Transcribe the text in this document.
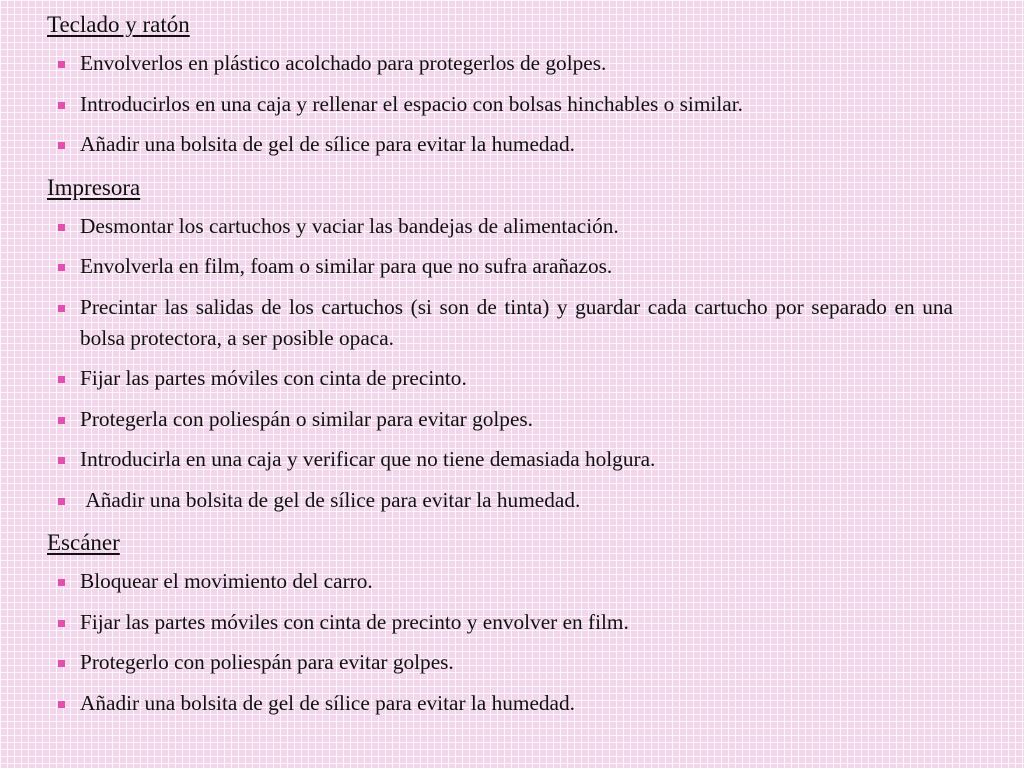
Teclado y ratón
Envolverlos en plástico acolchado para protegerlos de golpes.
Introducirlos en una caja y rellenar el espacio con bolsas hinchables o similar.
Añadir una bolsita de gel de sílice para evitar la humedad.
Impresora
Desmontar los cartuchos y vaciar las bandejas de alimentación.
Envolverla en film, foam o similar para que no sufra arañazos.
Precintar las salidas de los cartuchos (si son de tinta) y guardar cada cartucho por separado en una bolsa protectora, a ser posible opaca.
Fijar las partes móviles con cinta de precinto.
Protegerla con poliespán o similar para evitar golpes.
Introducirla en una caja y verificar que no tiene demasiada holgura.
Añadir una bolsita de gel de sílice para evitar la humedad.
Escáner
Bloquear el movimiento del carro.
Fijar las partes móviles con cinta de precinto y envolver en film.
Protegerlo con poliespán para evitar golpes.
Añadir una bolsita de gel de sílice para evitar la humedad.
